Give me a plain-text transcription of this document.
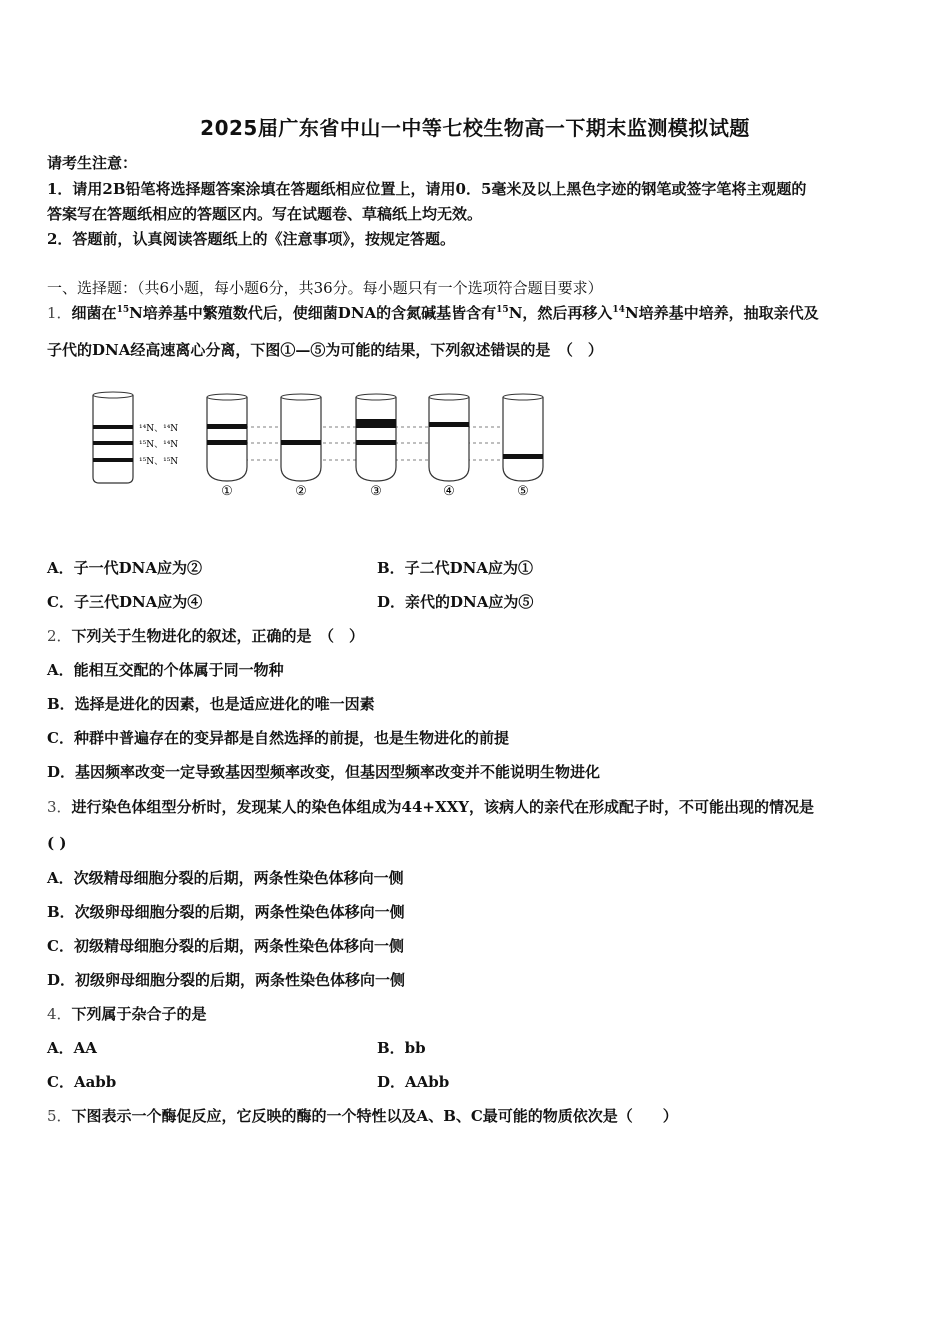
2025届广东省中山一中等七校生物高一下期末监测模拟试题
请考生注意：
1．请用2B铅笔将选择题答案涂填在答题纸相应位置上，请用0．5毫米及以上黑色字迹的钢笔或签字笔将主观题的
答案写在答题纸相应的答题区内。写在试题卷、草稿纸上均无效。
2．答题前，认真阅读答题纸上的《注意事项》，按规定答题。
一、选择题：（共6小题，每小题6分，共36分。每小题只有一个选项符合题目要求）
1．细菌在$^{15}$N培养基中繁殖数代后，使细菌DNA的含氮碱基皆含有$^{15}$N，然后再移入$^{14}$N培养基中培养，抽取亲代及
子代的DNA经高速离心分离，下图①—⑤为可能的结果，下列叙述错误的是　（　）
¹⁴N、¹⁴N
¹⁵N、¹⁴N
¹⁵N、¹⁵N
①	②	③	④	⑤
A．子一代DNA应为②	B．子二代DNA应为①
C．子三代DNA应为④	D．亲代的DNA应为⑤
2．下列关于生物进化的叙述，正确的是　（　）
A．能相互交配的个体属于同一物种
B．选择是进化的因素，也是适应进化的唯一因素
C．种群中普遍存在的变异都是自然选择的前提，也是生物进化的前提
D．基因频率改变一定导致基因型频率改变，但基因型频率改变并不能说明生物进化
3．进行染色体组型分析时，发现某人的染色体组成为44+XXY，该病人的亲代在形成配子时，不可能出现的情况是
( )
A．次级精母细胞分裂的后期，两条性染色体移向一侧
B．次级卵母细胞分裂的后期，两条性染色体移向一侧
C．初级精母细胞分裂的后期，两条性染色体移向一侧
D．初级卵母细胞分裂的后期，两条性染色体移向一侧
4．下列属于杂合子的是
A．AA	B．bb
C．Aabb	D．AAbb
5．下图表示一个酶促反应，它反映的酶的一个特性以及A、B、C最可能的物质依次是（　　）
